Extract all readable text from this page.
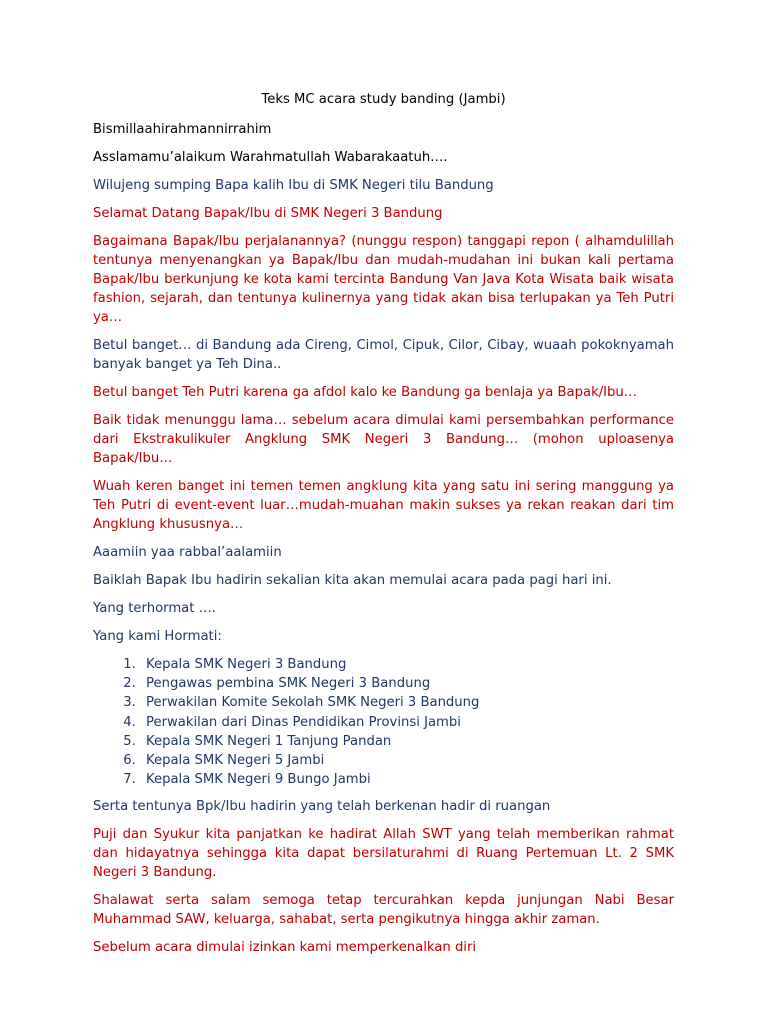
Teks MC acara study banding (Jambi)

Bismillaahirahmannirrahim

Asslamamu’alaikum Warahmatullah Wabarakaatuh….

Wilujeng sumping Bapa kalih Ibu di SMK Negeri tilu Bandung

Selamat Datang Bapak/Ibu di SMK Negeri 3 Bandung

Bagaimana Bapak/Ibu perjalanannya? (nunggu respon) tanggapi repon ( alhamdulillah tentunya menyenangkan ya Bapak/Ibu dan mudah-mudahan ini bukan kali pertama Bapak/Ibu berkunjung ke kota kami tercinta Bandung Van Java Kota Wisata baik wisata fashion, sejarah, dan tentunya kulinernya yang tidak akan bisa terlupakan ya Teh Putri ya…

Betul banget… di Bandung ada Cireng, Cimol, Cipuk, Cilor, Cibay, wuaah pokoknyamah banyak banget ya Teh Dina..

Betul banget Teh Putri karena ga afdol kalo ke Bandung ga benlaja ya Bapak/Ibu…

Baik tidak menunggu lama… sebelum acara dimulai kami persembahkan performance dari Ekstrakulikuler Angklung SMK Negeri 3 Bandung… (mohon uploasenya Bapak/Ibu…

Wuah keren banget ini temen temen angklung kita yang satu ini sering manggung ya Teh Putri di event-event luar…mudah-muahan makin sukses ya rekan reakan dari tim Angklung khususnya…

Aaamiin yaa rabbal’aalamiin

Baiklah Bapak Ibu hadirin sekalian kita akan memulai acara pada pagi hari ini.

Yang terhormat ….

Yang kami Hormati:

1. Kepala SMK Negeri 3 Bandung
2. Pengawas pembina SMK Negeri 3 Bandung
3. Perwakilan Komite Sekolah SMK Negeri 3 Bandung
4. Perwakilan dari Dinas Pendidikan Provinsi Jambi
5. Kepala SMK Negeri 1 Tanjung Pandan
6. Kepala SMK Negeri 5 Jambi
7. Kepala SMK Negeri 9 Bungo Jambi

Serta tentunya Bpk/Ibu hadirin yang telah berkenan hadir di ruangan

Puji dan Syukur kita panjatkan ke hadirat Allah SWT yang telah memberikan rahmat dan hidayatnya sehingga kita dapat bersilaturahmi di Ruang Pertemuan Lt. 2 SMK Negeri 3 Bandung.

Shalawat serta salam semoga tetap tercurahkan kepda junjungan Nabi Besar Muhammad SAW, keluarga, sahabat, serta pengikutnya hingga akhir zaman.

Sebelum acara dimulai izinkan kami memperkenalkan diri
